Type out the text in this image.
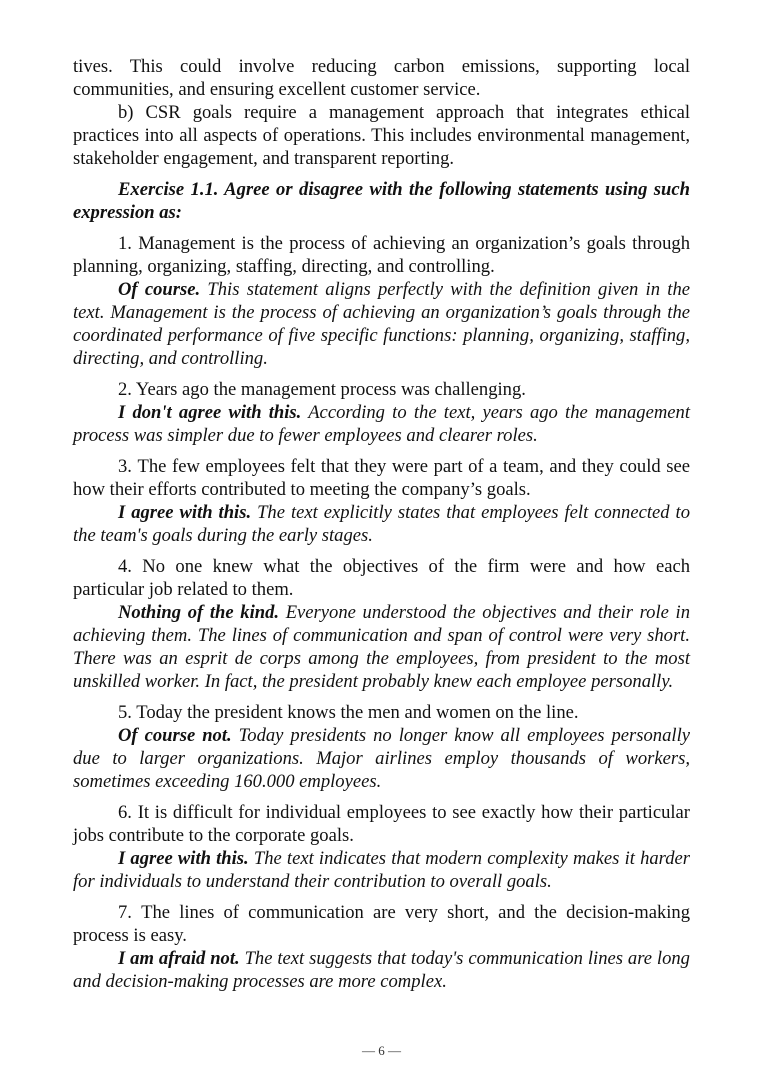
tives. This could involve reducing carbon emissions, supporting local communities, and ensuring excellent customer service.

b) CSR goals require a management approach that integrates ethical practices into all aspects of operations. This includes environmental management, stakeholder engagement, and transparent reporting.

Exercise 1.1. Agree or disagree with the following statements using such expression as:

1. Management is the process of achieving an organization’s goals through planning, organizing, staffing, directing, and controlling.

Of course. This statement aligns perfectly with the definition given in the text. Management is the process of achieving an organization’s goals through the coordinated performance of five specific functions: planning, organizing, staffing, directing, and controlling.

2. Years ago the management process was challenging.

I don't agree with this. According to the text, years ago the management process was simpler due to fewer employees and clearer roles.

3. The few employees felt that they were part of a team, and they could see how their efforts contributed to meeting the company’s goals.

I agree with this. The text explicitly states that employees felt connected to the team's goals during the early stages.

4. No one knew what the objectives of the firm were and how each particular job related to them.

Nothing of the kind. Everyone understood the objectives and their role in achieving them. The lines of communication and span of control were very short. There was an esprit de corps among the employees, from president to the most unskilled worker. In fact, the president probably knew each employee personally.

5. Today the president knows the men and women on the line.

Of course not. Today presidents no longer know all employees personally due to larger organizations. Major airlines employ thousands of workers, sometimes exceeding 160.000 employees.

6. It is difficult for individual employees to see exactly how their particular jobs contribute to the corporate goals.

I agree with this. The text indicates that modern complexity makes it harder for individuals to understand their contribution to overall goals.

7. The lines of communication are very short, and the decision-making process is easy.

I am afraid not. The text suggests that today's communication lines are long and decision-making processes are more complex.

— 6 —
